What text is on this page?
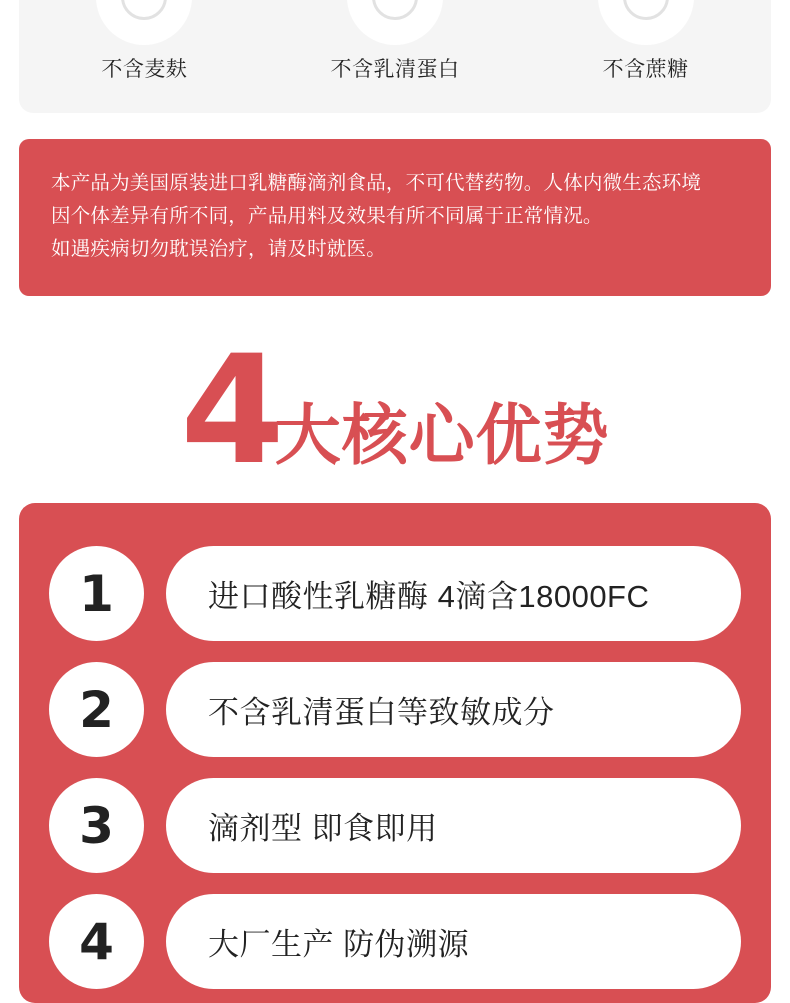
不含麦麸	不含乳清蛋白	不含蔗糖

本产品为美国原装进口乳糖酶滴剂食品，不可代替药物。人体内微生态环境

因个体差异有所不同，产品用料及效果有所不同属于正常情况。

如遇疾病切勿耽误治疗，请及时就医。

4
大核心优势
1	进口酸性乳糖酶 4滴含18000FC
2	不含乳清蛋白等致敏成分
3	滴剂型 即食即用
4	大厂生产 防伪溯源
